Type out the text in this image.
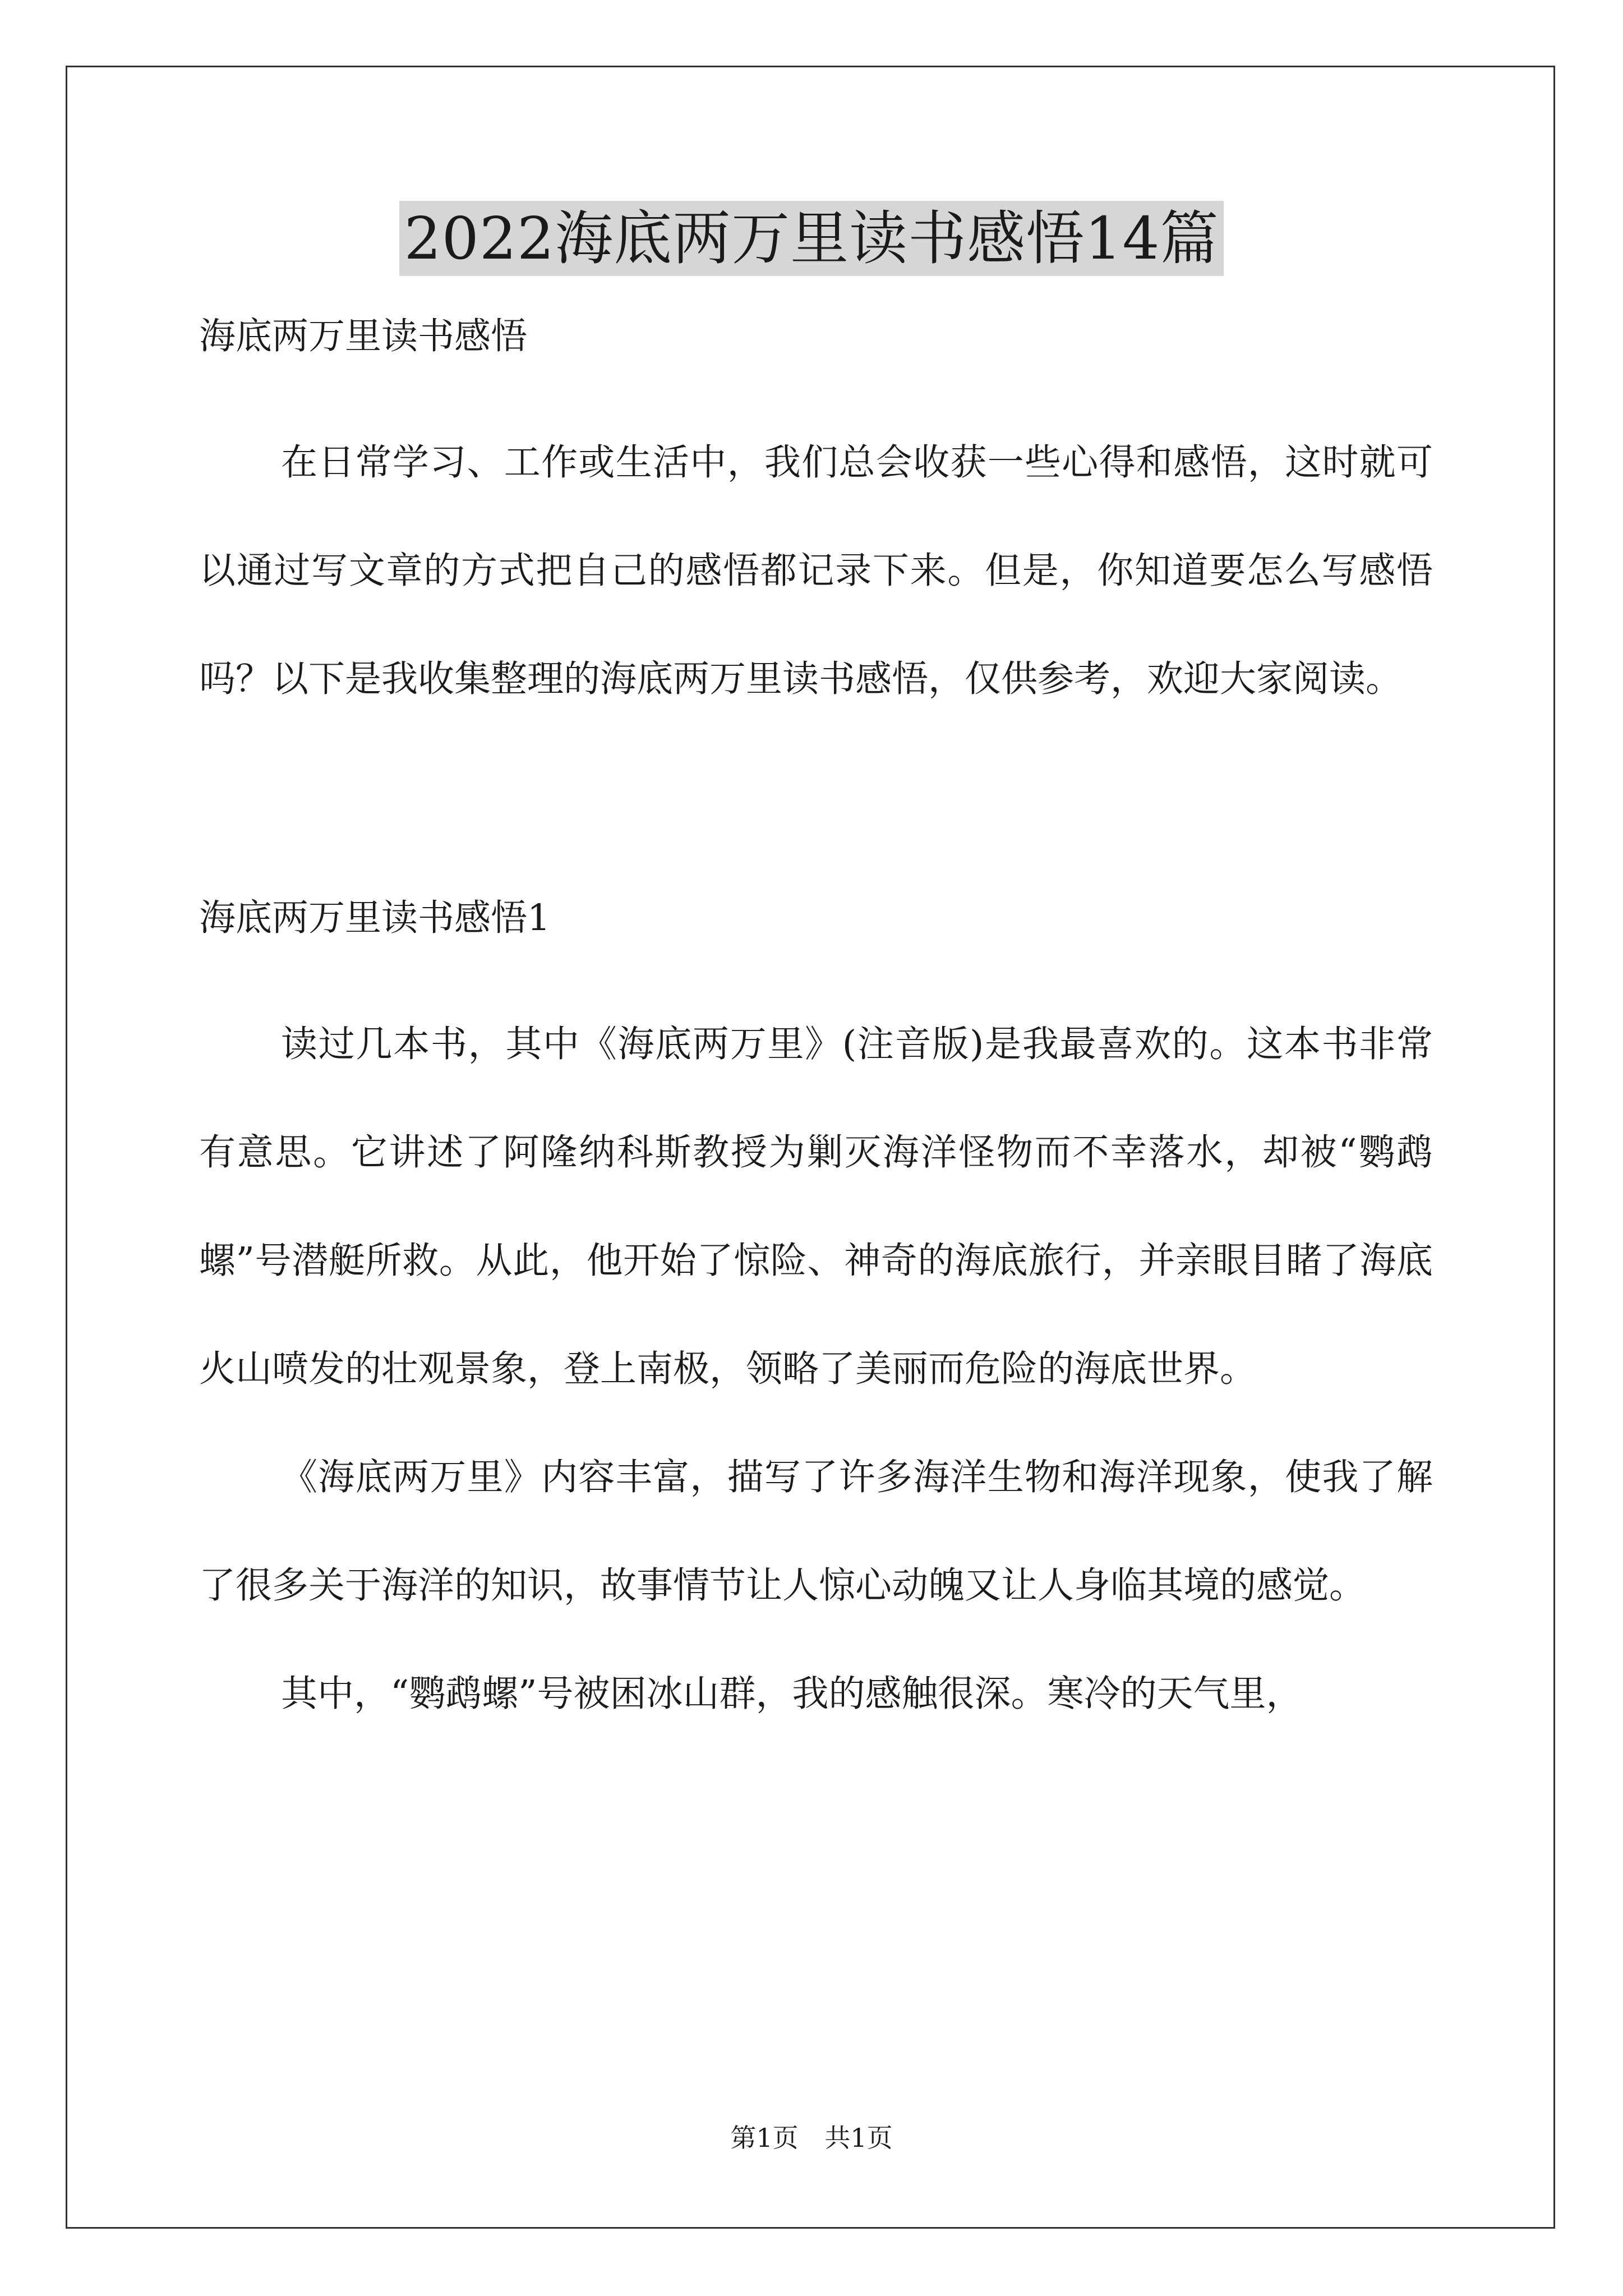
2022海底两万里读书感悟14篇
海底两万里读书感悟

在日常学习、工作或生活中，我们总会收获一些心得和感悟，这时就可以通过写文章的方式把自己的感悟都记录下来。但是，你知道要怎么写感悟吗？以下是我收集整理的海底两万里读书感悟，仅供参考，欢迎大家阅读。

海底两万里读书感悟1

读过几本书，其中《海底两万里》(注音版)是我最喜欢的。这本书非常有意思。它讲述了阿隆纳科斯教授为剿灭海洋怪物而不幸落水，却被“鹦鹉螺”号潜艇所救。从此，他开始了惊险、神奇的海底旅行，并亲眼目睹了海底火山喷发的壮观景象，登上南极，领略了美丽而危险的海底世界。

《海底两万里》内容丰富，描写了许多海洋生物和海洋现象，使我了解了很多关于海洋的知识，故事情节让人惊心动魄又让人身临其境的感觉。

其中，“鹦鹉螺”号被困冰山群，我的感触很深。寒冷的天气里，

第1页 共1页
